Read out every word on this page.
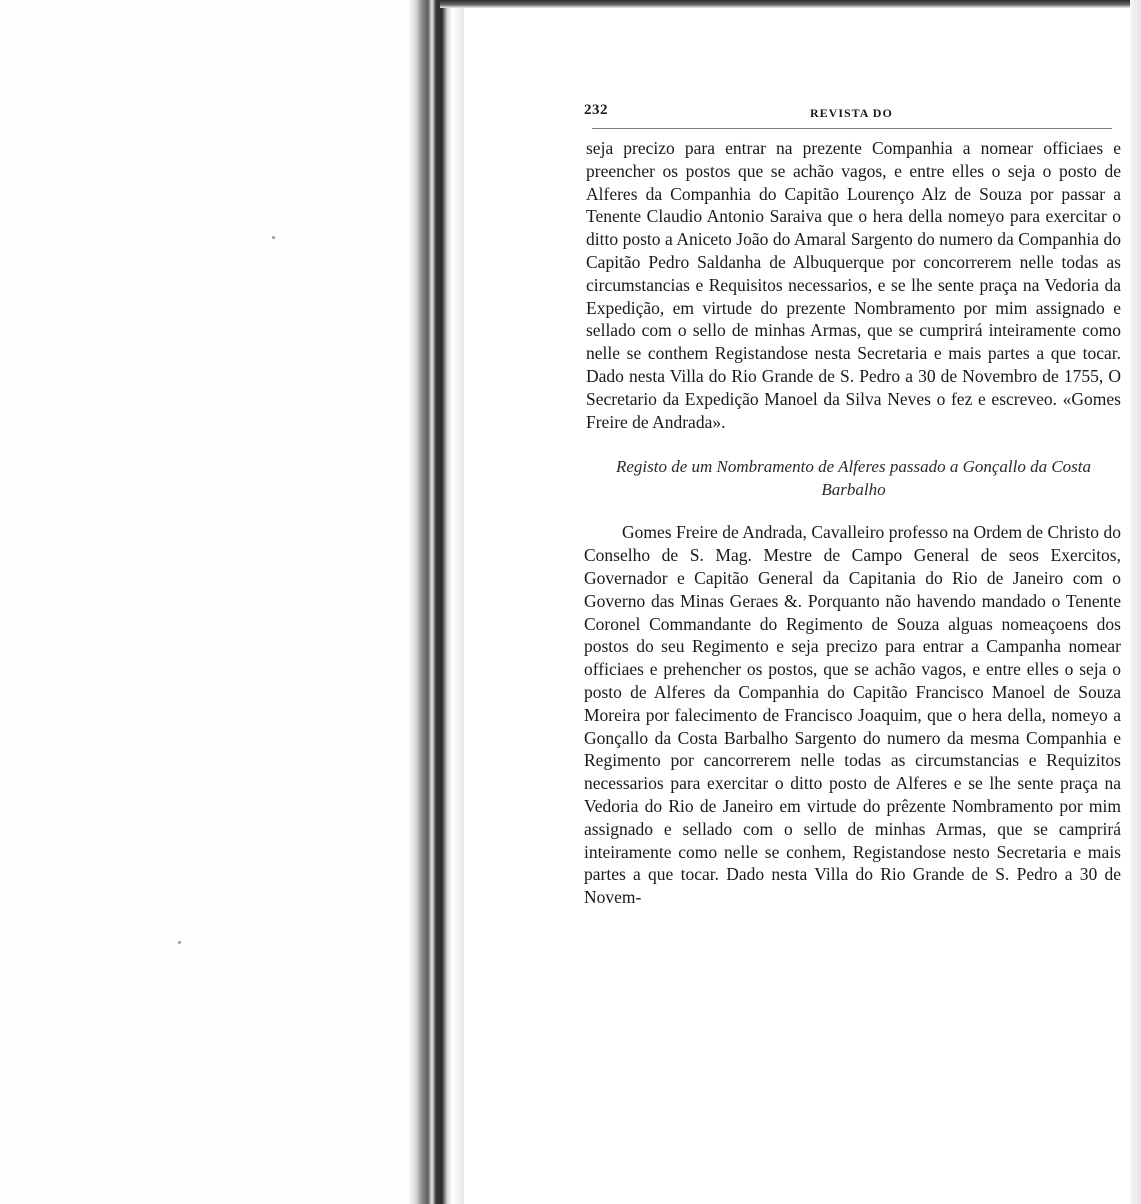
232	REVISTA DO

seja precizo para entrar na prezente Companhia a nomear officiaes e preencher os postos que se achão vagos, e entre elles o seja o posto de Alferes da Companhia do Capitão Lourenço Alz de Souza por passar a Tenente Claudio Antonio Saraiva que o hera della nomeyo para exercitar o ditto posto a Aniceto João do Amaral Sargento do numero da Companhia do Capitão Pedro Saldanha de Albuquerque por concorrerem nelle todas as circumstancias e Requisitos necessarios, e se lhe sente praça na Vedoria da Expedição, em virtude do prezente Nombramento por mim assignado e sellado com o sello de minhas Armas, que se cumprirá inteiramente como nelle se conthem Registandose nesta Secretaria e mais partes a que tocar. Dado nesta Villa do Rio Grande de S. Pedro a 30 de Novembro de 1755, O Secretario da Expedição Manoel da Silva Neves o fez e escreveo. «Gomes Freire de Andrada».

Registo de um Nombramento de Alferes passado a Gonçallo da Costa Barbalho

Gomes Freire de Andrada, Cavalleiro professo na Ordem de Christo do Conselho de S. Mag. Mestre de Campo General de seos Exercitos, Governador e Capitão General da Capitania do Rio de Janeiro com o Governo das Minas Geraes &. Porquanto não havendo mandado o Tenente Coronel Commandante do Regimento de Souza alguas nomeaçoens dos postos do seu Regimento e seja precizo para entrar a Campanha nomear officiaes e prehencher os postos, que se achão vagos, e entre elles o seja o posto de Alferes da Companhia do Capitão Francisco Manoel de Souza Moreira por falecimento de Francisco Joaquim, que o hera della, nomeyo a Gonçallo da Costa Barbalho Sargento do numero da mesma Companhia e Regimento por cancorrerem nelle todas as circumstancias e Requizitos necessarios para exercitar o ditto posto de Alferes e se lhe sente praça na Vedoria do Rio de Janeiro em virtude do prêzente Nombramento por mim assignado e sellado com o sello de minhas Armas, que se camprirá inteiramente como nelle se conhem, Registandose nesto Secretaria e mais partes a que tocar. Dado nesta Villa do Rio Grande de S. Pedro a 30 de Novem-
